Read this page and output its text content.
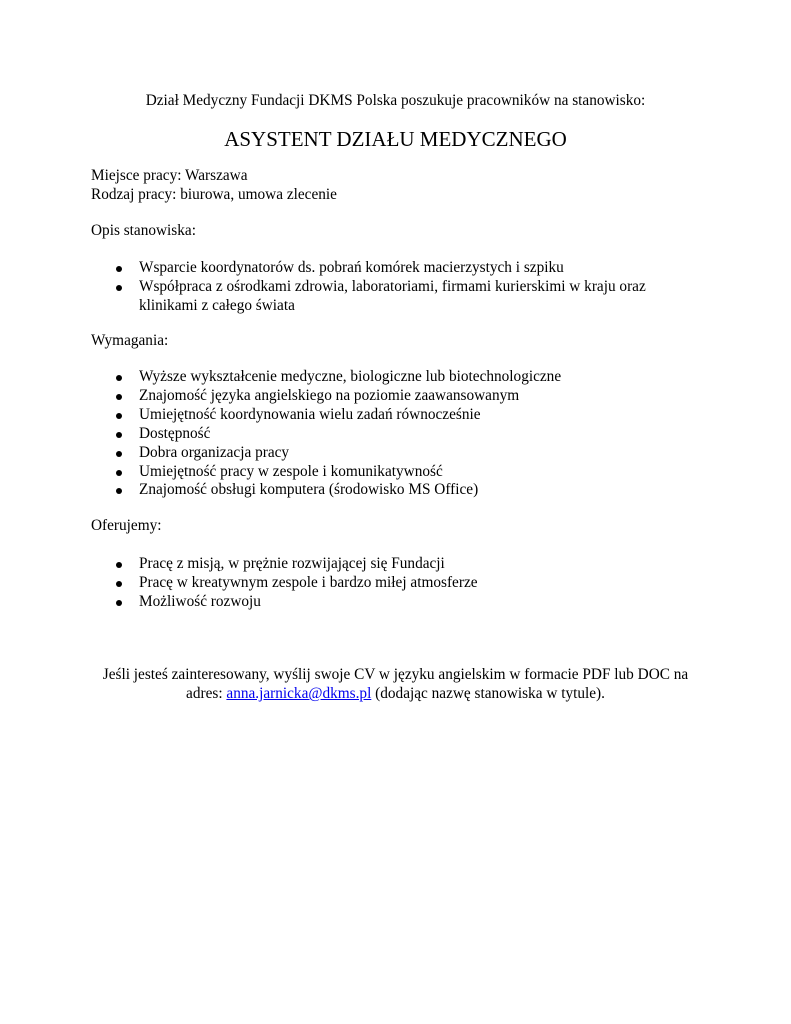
Dział Medyczny Fundacji DKMS Polska poszukuje pracowników na stanowisko:
ASYSTENT DZIAŁU MEDYCZNEGO

Miejsce pracy: Warszawa

Rodzaj pracy: biurowa, umowa zlecenie

Opis stanowiska:

Wsparcie koordynatorów ds. pobrań komórek macierzystych i szpiku
Współpraca z ośrodkami zdrowia, laboratoriami, firmami kurierskimi w kraju oraz klinikami z całego świata

Wymagania:

Wyższe wykształcenie medyczne, biologiczne lub biotechnologiczne
Znajomość języka angielskiego na poziomie zaawansowanym
Umiejętność koordynowania wielu zadań równocześnie
Dostępność
Dobra organizacja pracy
Umiejętność pracy w zespole i komunikatywność
Znajomość obsługi komputera (środowisko MS Office)

Oferujemy:

Pracę z misją, w prężnie rozwijającej się Fundacji
Pracę w kreatywnym zespole i bardzo miłej atmosferze
Możliwość rozwoju
Jeśli jesteś zainteresowany, wyślij swoje CV w języku angielskim w formacie PDF lub DOC na
adres: anna.jarnicka@dkms.pl (dodając nazwę stanowiska w tytule).
